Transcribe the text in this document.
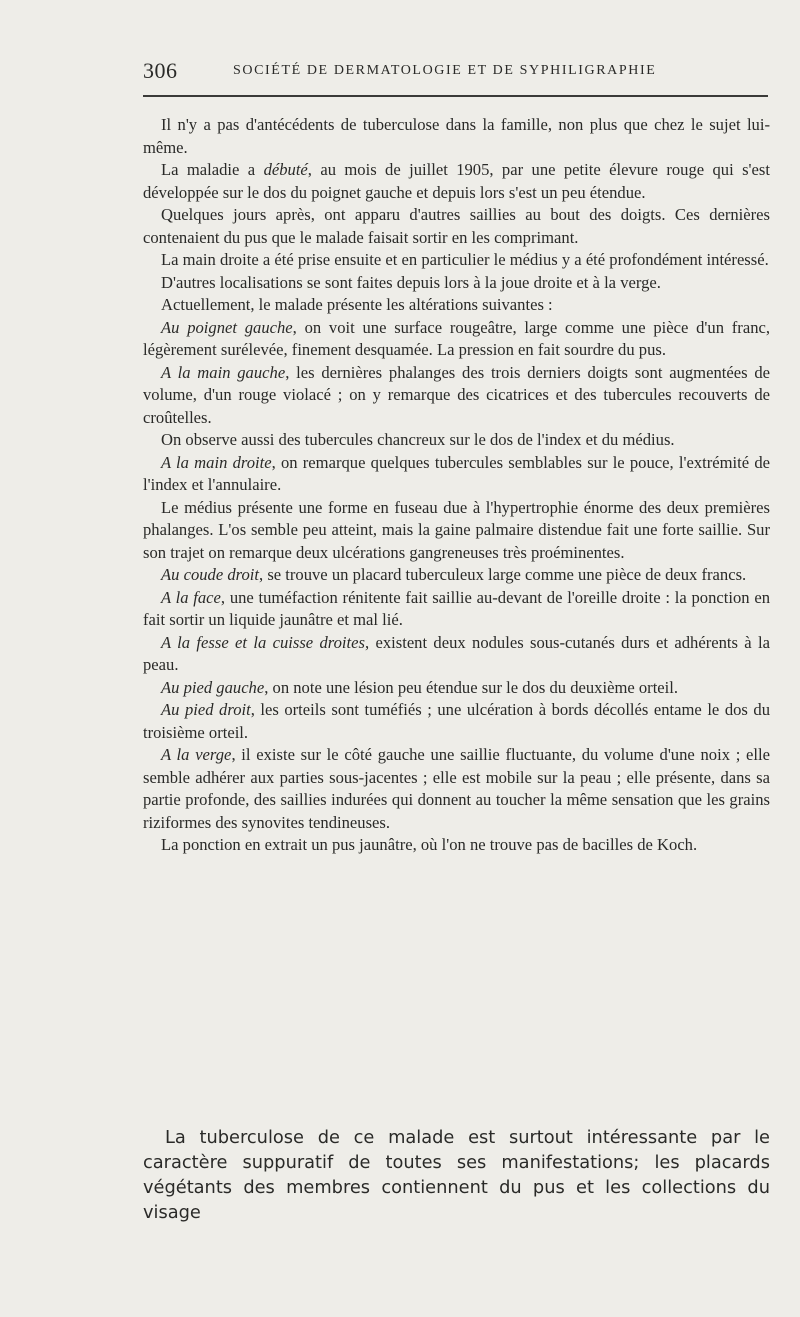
306	SOCIÉTÉ DE DERMATOLOGIE ET DE SYPHILIGRAPHIE

Il n'y a pas d'antécédents de tuberculose dans la famille, non plus que chez le sujet lui-même.

La maladie a débuté, au mois de juillet 1905, par une petite élevure rouge qui s'est développée sur le dos du poignet gauche et depuis lors s'est un peu étendue.

Quelques jours après, ont apparu d'autres saillies au bout des doigts. Ces dernières contenaient du pus que le malade faisait sortir en les comprimant.

La main droite a été prise ensuite et en particulier le médius y a été profondément intéressé.

D'autres localisations se sont faites depuis lors à la joue droite et à la verge.

Actuellement, le malade présente les altérations suivantes :

Au poignet gauche, on voit une surface rougeâtre, large comme une pièce d'un franc, légèrement surélevée, finement desquamée. La pression en fait sourdre du pus.

A la main gauche, les dernières phalanges des trois derniers doigts sont augmentées de volume, d'un rouge violacé ; on y remarque des cicatrices et des tubercules recouverts de croûtelles.

On observe aussi des tubercules chancreux sur le dos de l'index et du médius.

A la main droite, on remarque quelques tubercules semblables sur le pouce, l'extrémité de l'index et l'annulaire.

Le médius présente une forme en fuseau due à l'hypertrophie énorme des deux premières phalanges. L'os semble peu atteint, mais la gaine palmaire distendue fait une forte saillie. Sur son trajet on remarque deux ulcérations gangreneuses très proéminentes.

Au coude droit, se trouve un placard tuberculeux large comme une pièce de deux francs.

A la face, une tuméfaction rénitente fait saillie au-devant de l'oreille droite : la ponction en fait sortir un liquide jaunâtre et mal lié.

A la fesse et la cuisse droites, existent deux nodules sous-cutanés durs et adhérents à la peau.

Au pied gauche, on note une lésion peu étendue sur le dos du deuxième orteil.

Au pied droit, les orteils sont tuméfiés ; une ulcération à bords décollés entame le dos du troisième orteil.

A la verge, il existe sur le côté gauche une saillie fluctuante, du volume d'une noix ; elle semble adhérer aux parties sous-jacentes ; elle est mobile sur la peau ; elle présente, dans sa partie profonde, des saillies indurées qui donnent au toucher la même sensation que les grains riziformes des synovites tendineuses.

La ponction en extrait un pus jaunâtre, où l'on ne trouve pas de bacilles de Koch.

La tuberculose de ce malade est surtout intéressante par le caractère suppuratif de toutes ses manifestations; les placards végétants des membres contiennent du pus et les collections du visage
